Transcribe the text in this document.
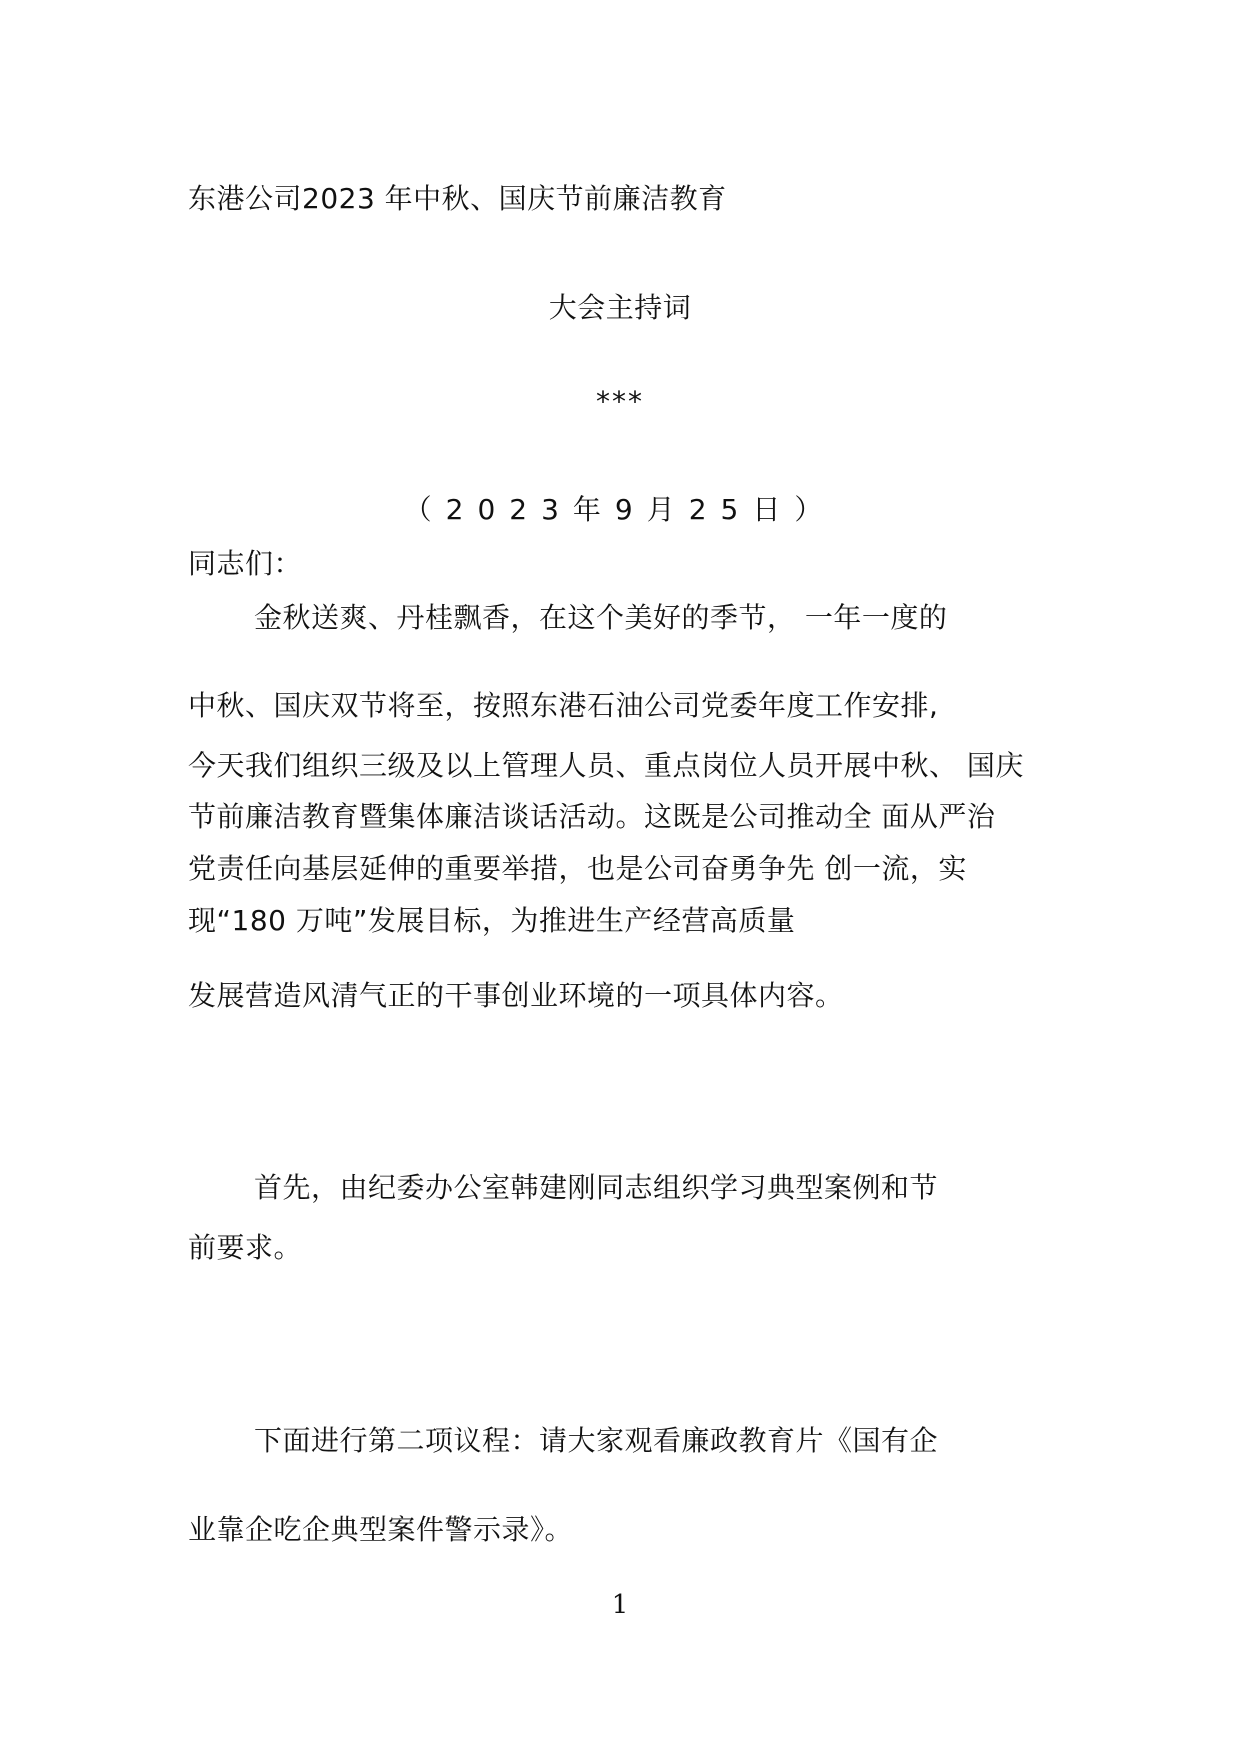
东港公司2023 年中秋、国庆节前廉洁教育
大会主持词
***
（2023年9月25日）
同志们：
金秋送爽、丹桂飘香，在这个美好的季节， 一年一度的
中秋、国庆双节将至，按照东港石油公司党委年度工作安排,
今天我们组织三级及以上管理人员、重点岗位人员开展中秋、 国庆
节前廉洁教育暨集体廉洁谈话活动。这既是公司推动全 面从严治
党责任向基层延伸的重要举措，也是公司奋勇争先 创一流，实
现“180 万吨”发展目标，为推进生产经营高质量
发展营造风清气正的干事创业环境的一项具体内容。
首先，由纪委办公室韩建刚同志组织学习典型案例和节
前要求。
下面进行第二项议程：请大家观看廉政教育片《国有企
业靠企吃企典型案件警示录》。
1
